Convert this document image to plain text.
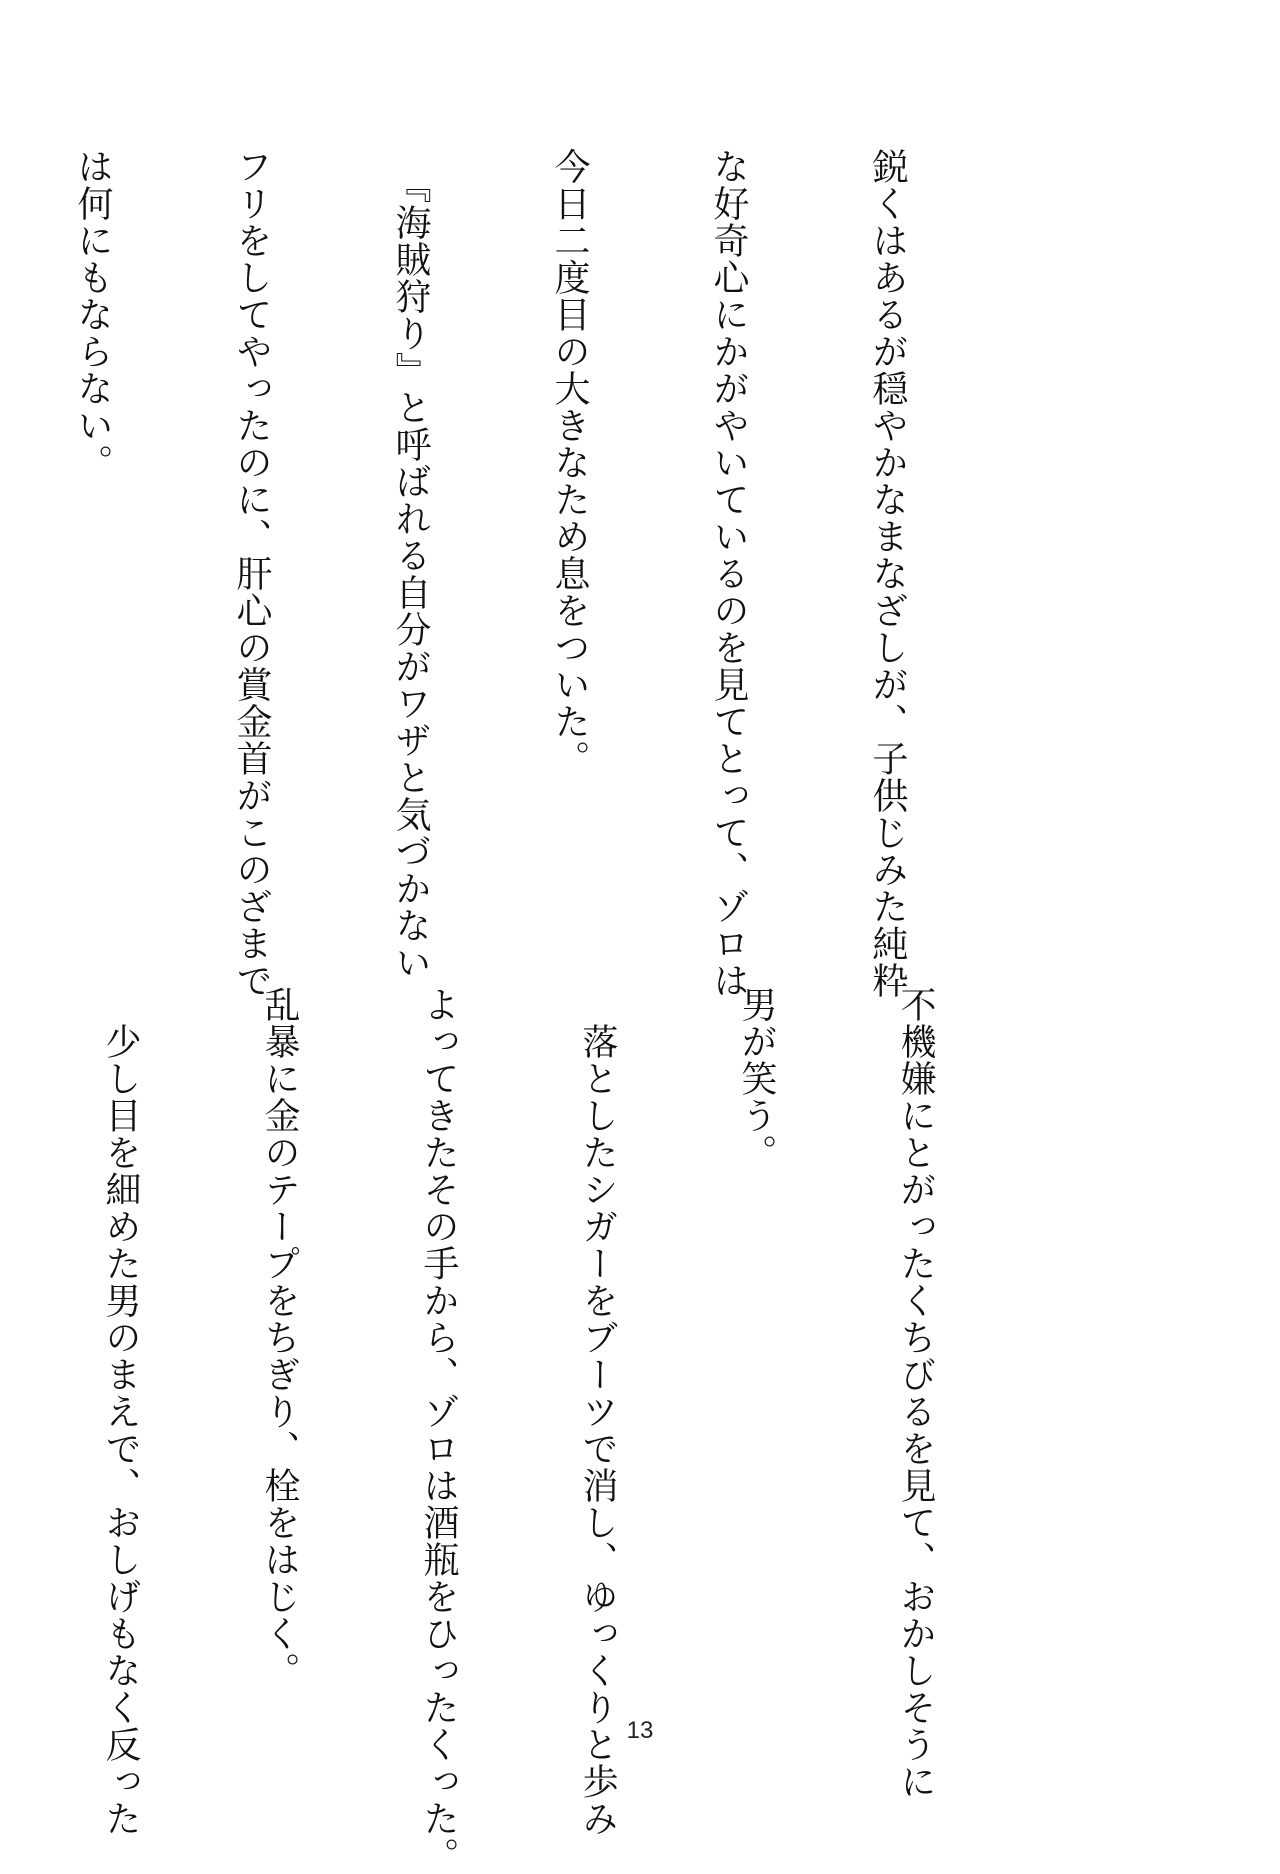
鋭くはあるが穏やかなまなざしが、子供じみた純粋

な好奇心にかがやいているのを見てとって、ゾロは

今日二度目の大きなため息をついた。

　『海賊狩り』と呼ばれる自分がワザと気づかない

フリをしてやったのに、肝心の賞金首がこのざまで

は何にもならない。

不機嫌にとがったくちびるを見て、おかしそうに

男が笑う。

　落としたシガーをブーツで消し、ゆっくりと歩み

よってきたその手から、ゾロは酒瓶をひったくった。

乱暴に金のテープをちぎり、栓をはじく。

　少し目を細めた男のまえで、おしげもなく反った

	13
